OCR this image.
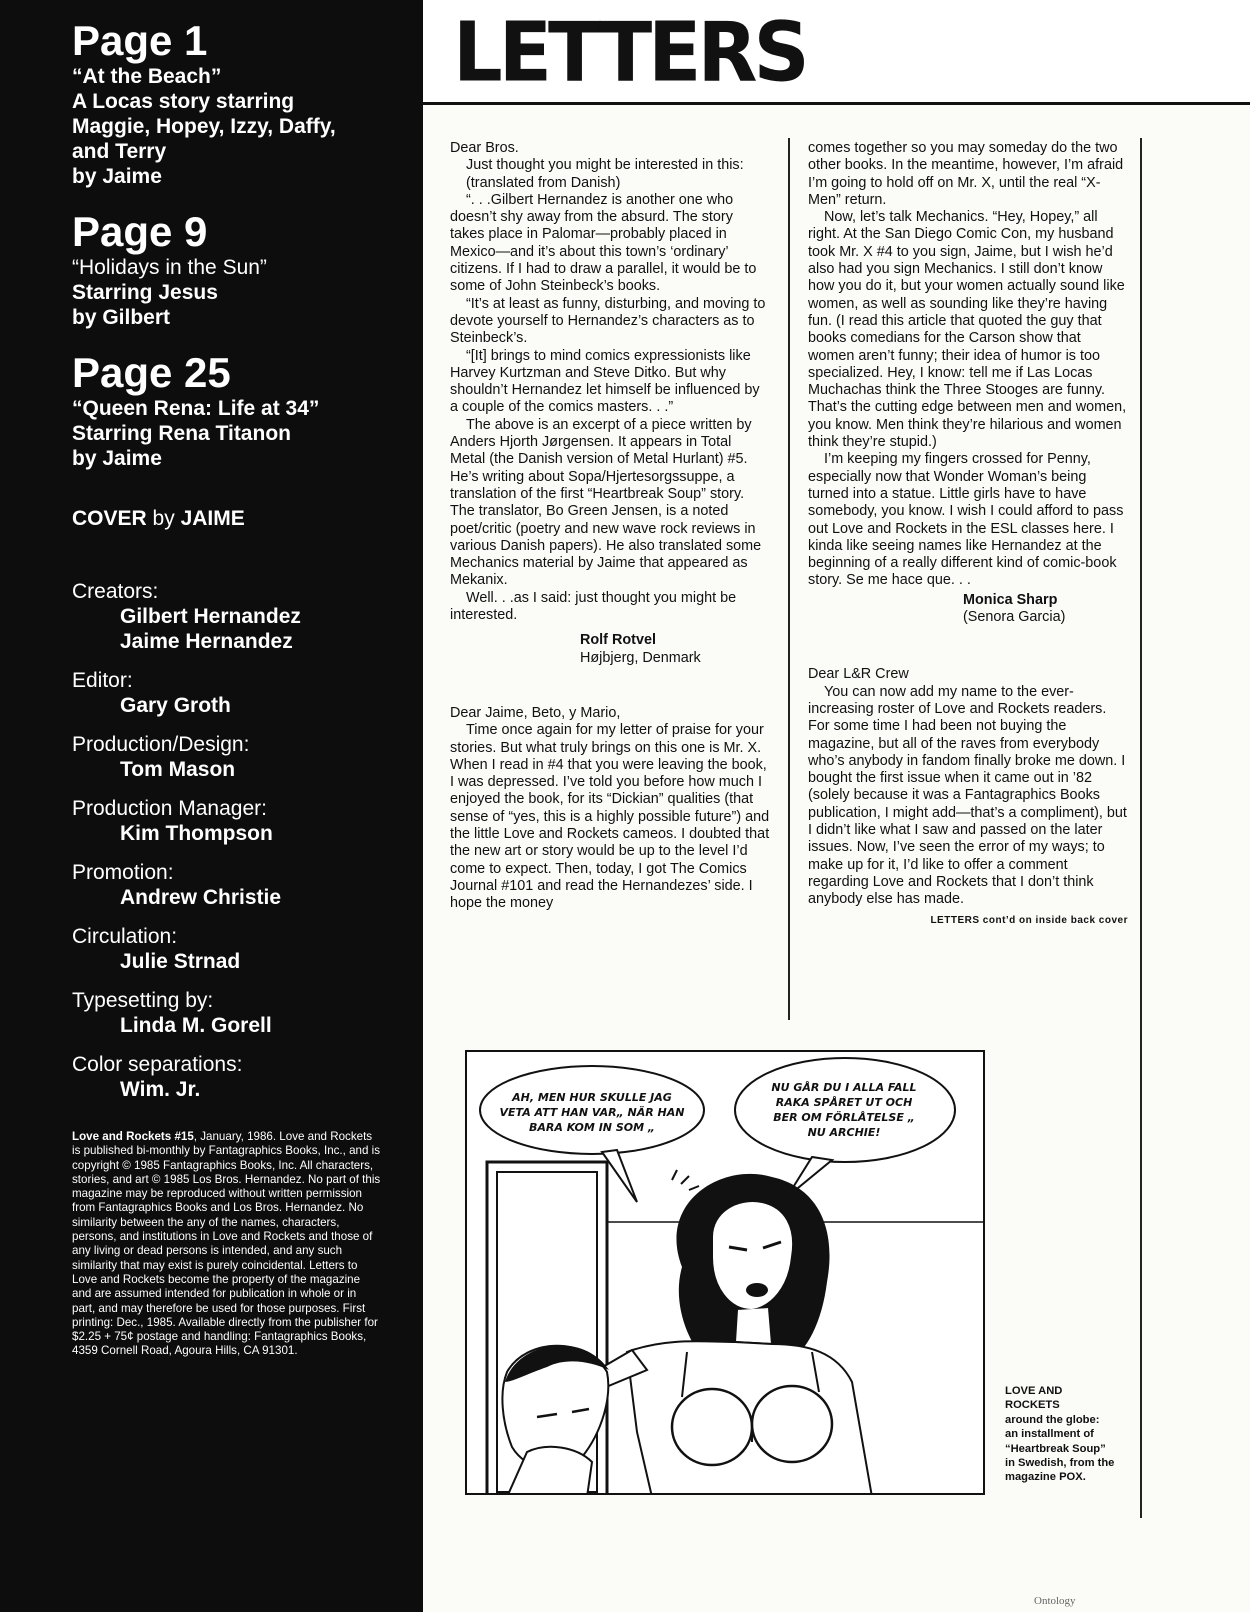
Page 1
“At the Beach”
A Locas story starring
Maggie, Hopey, Izzy, Daffy,
and Terry
by Jaime
Page 9
“Holidays in the Sun”
Starring Jesus
by Gilbert
Page 25
“Queen Rena: Life at 34”
Starring Rena Titanon
by Jaime
COVER by JAIME
Creators:
Gilbert Hernandez
Jaime Hernandez
Editor:
Gary Groth
Production/Design:
Tom Mason
Production Manager:
Kim Thompson
Promotion:
Andrew Christie
Circulation:
Julie Strnad
Typesetting by:
Linda M. Gorell
Color separations:
Wim. Jr.

Love and Rockets #15, January, 1986. Love and Rockets is published bi-monthly by Fantagraphics Books, Inc., and is copyright © 1985 Fantagraphics Books, Inc. All characters, stories, and art © 1985 Los Bros. Hernandez. No part of this magazine may be reproduced without written permission from Fantagraphics Books and Los Bros. Hernandez. No similarity between the any of the names, characters, persons, and institutions in Love and Rockets and those of any living or dead persons is intended, and any such similarity that may exist is purely coincidental. Letters to Love and Rockets become the property of the magazine and are assumed intended for publication in whole or in part, and may therefore be used for those purposes. First printing: Dec., 1985. Available directly from the publisher for $2.25 + 75¢ postage and handling: Fantagraphics Books, 4359 Cornell Road, Agoura Hills, CA 91301.

LETTERS

Dear Bros.

Just thought you might be interested in this:

(translated from Danish)

“. . .Gilbert Hernandez is another one who doesn’t shy away from the absurd. The story takes place in Palomar—probably placed in Mexico—and it’s about this town’s ‘ordinary’ citizens. If I had to draw a parallel, it would be to some of John Steinbeck’s books.

“It’s at least as funny, disturbing, and moving to devote yourself to Hernandez’s characters as to Steinbeck’s.

“[It] brings to mind comics expressionists like Harvey Kurtzman and Steve Ditko. But why shouldn’t Hernandez let himself be influenced by a couple of the comics masters. . .”

The above is an excerpt of a piece written by Anders Hjorth Jørgensen. It appears in Total Metal (the Danish version of Metal Hurlant) #5. He’s writing about Sopa/Hjertesorgssuppe, a translation of the first “Heartbreak Soup” story. The translator, Bo Green Jensen, is a noted poet/critic (poetry and new wave rock reviews in various Danish papers). He also translated some Mechanics material by Jaime that appeared as Mekanix.

Well. . .as I said: just thought you might be interested.

Rolf Rotvel

Højbjerg, Denmark

Dear Jaime, Beto, y Mario,

Time once again for my letter of praise for your stories. But what truly brings on this one is Mr. X. When I read in #4 that you were leaving the book, I was depressed. I’ve told you before how much I enjoyed the book, for its “Dickian” qualities (that sense of “yes, this is a highly possible future”) and the little Love and Rockets cameos. I doubted that the new art or story would be up to the level I’d come to expect. Then, today, I got The Comics Journal #101 and read the Hernandezes’ side. I hope the money

comes together so you may someday do the two other books. In the meantime, however, I’m afraid I’m going to hold off on Mr. X, until the real “X-Men” return.

Now, let’s talk Mechanics. “Hey, Hopey,” all right. At the San Diego Comic Con, my husband took Mr. X #4 to you sign, Jaime, but I wish he’d also had you sign Mechanics. I still don’t know how you do it, but your women actually sound like women, as well as sounding like they’re having fun. (I read this article that quoted the guy that books comedians for the Carson show that women aren’t funny; their idea of humor is too specialized. Hey, I know: tell me if Las Locas Muchachas think the Three Stooges are funny. That’s the cutting edge between men and women, you know. Men think they’re hilarious and women think they’re stupid.)

I’m keeping my fingers crossed for Penny, especially now that Wonder Woman’s being turned into a statue. Little girls have to have somebody, you know. I wish I could afford to pass out Love and Rockets in the ESL classes here. I kinda like seeing names like Hernandez at the beginning of a really different kind of comic-book story. Se me hace que. . .

Monica Sharp

(Senora Garcia)

Dear L&R Crew

You can now add my name to the ever-increasing roster of Love and Rockets readers. For some time I had been not buying the magazine, but all of the raves from everybody who’s anybody in fandom finally broke me down. I bought the first issue when it came out in ’82 (solely because it was a Fantagraphics Books publication, I might add—that’s a compliment), but I didn’t like what I saw and passed on the later issues. Now, I’ve seen the error of my ways; to make up for it, I’d like to offer a comment regarding Love and Rockets that I don’t think anybody else has made.

LETTERS cont’d on inside back cover

AH, MEN HUR SKULLE JAG VETA ATT HAN VAR„ NÄR HAN BARA KOM IN SOM „
NU GÅR DU I ALLA FALL RAKA SPÅRET UT OCH BER OM FÖRLÅTELSE „ NU ARCHIE!
LOVE AND ROCKETS
around the globe: an installment of “Heartbreak Soup” in Swedish, from the magazine POX.
Ontology
